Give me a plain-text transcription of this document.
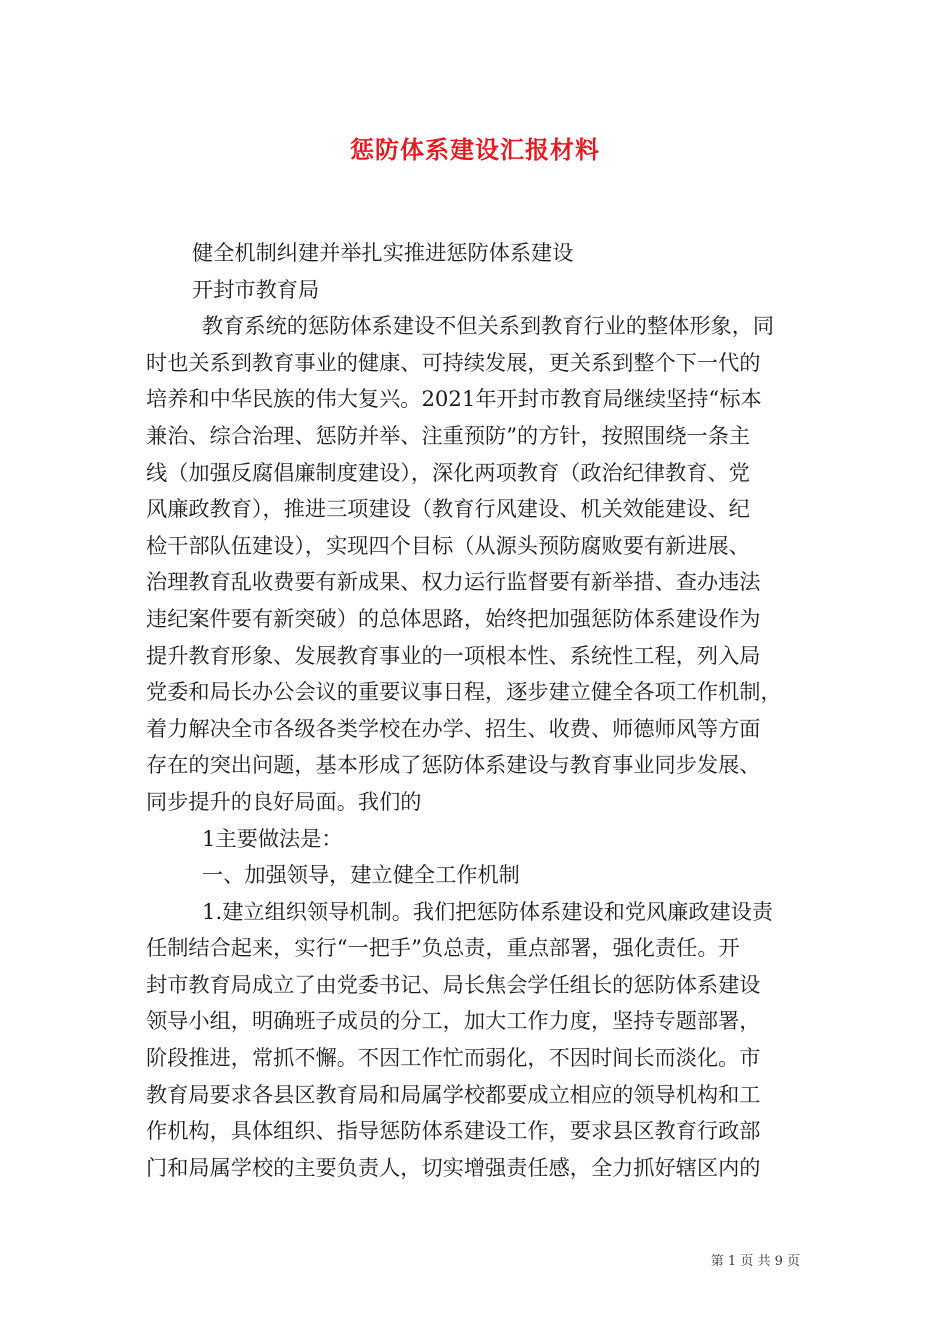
惩防体系建设汇报材料
健全机制纠建并举扎实推进惩防体系建设
开封市教育局
教育系统的惩防体系建设不但关系到教育行业的整体形象，同
时也关系到教育事业的健康、可持续发展，更关系到整个下一代的
培养和中华民族的伟大复兴。2021年开封市教育局继续坚持“标本
兼治、综合治理、惩防并举、注重预防”的方针，按照围绕一条主
线（加强反腐倡廉制度建设），深化两项教育（政治纪律教育、党
风廉政教育），推进三项建设（教育行风建设、机关效能建设、纪
检干部队伍建设），实现四个目标（从源头预防腐败要有新进展、
治理教育乱收费要有新成果、权力运行监督要有新举措、查办违法
违纪案件要有新突破）的总体思路，始终把加强惩防体系建设作为
提升教育形象、发展教育事业的一项根本性、系统性工程，列入局
党委和局长办公会议的重要议事日程，逐步建立健全各项工作机制，
着力解决全市各级各类学校在办学、招生、收费、师德师风等方面
存在的突出问题，基本形成了惩防体系建设与教育事业同步发展、
同步提升的良好局面。我们的
1主要做法是：
一、加强领导，建立健全工作机制
1.建立组织领导机制。我们把惩防体系建设和党风廉政建设责
任制结合起来，实行“一把手”负总责，重点部署，强化责任。开
封市教育局成立了由党委书记、局长焦会学任组长的惩防体系建设
领导小组，明确班子成员的分工，加大工作力度，坚持专题部署，
阶段推进，常抓不懈。不因工作忙而弱化，不因时间长而淡化。市
教育局要求各县区教育局和局属学校都要成立相应的领导机构和工
作机构，具体组织、指导惩防体系建设工作，要求县区教育行政部
门和局属学校的主要负责人，切实增强责任感，全力抓好辖区内的
第 1 页 共 9 页
